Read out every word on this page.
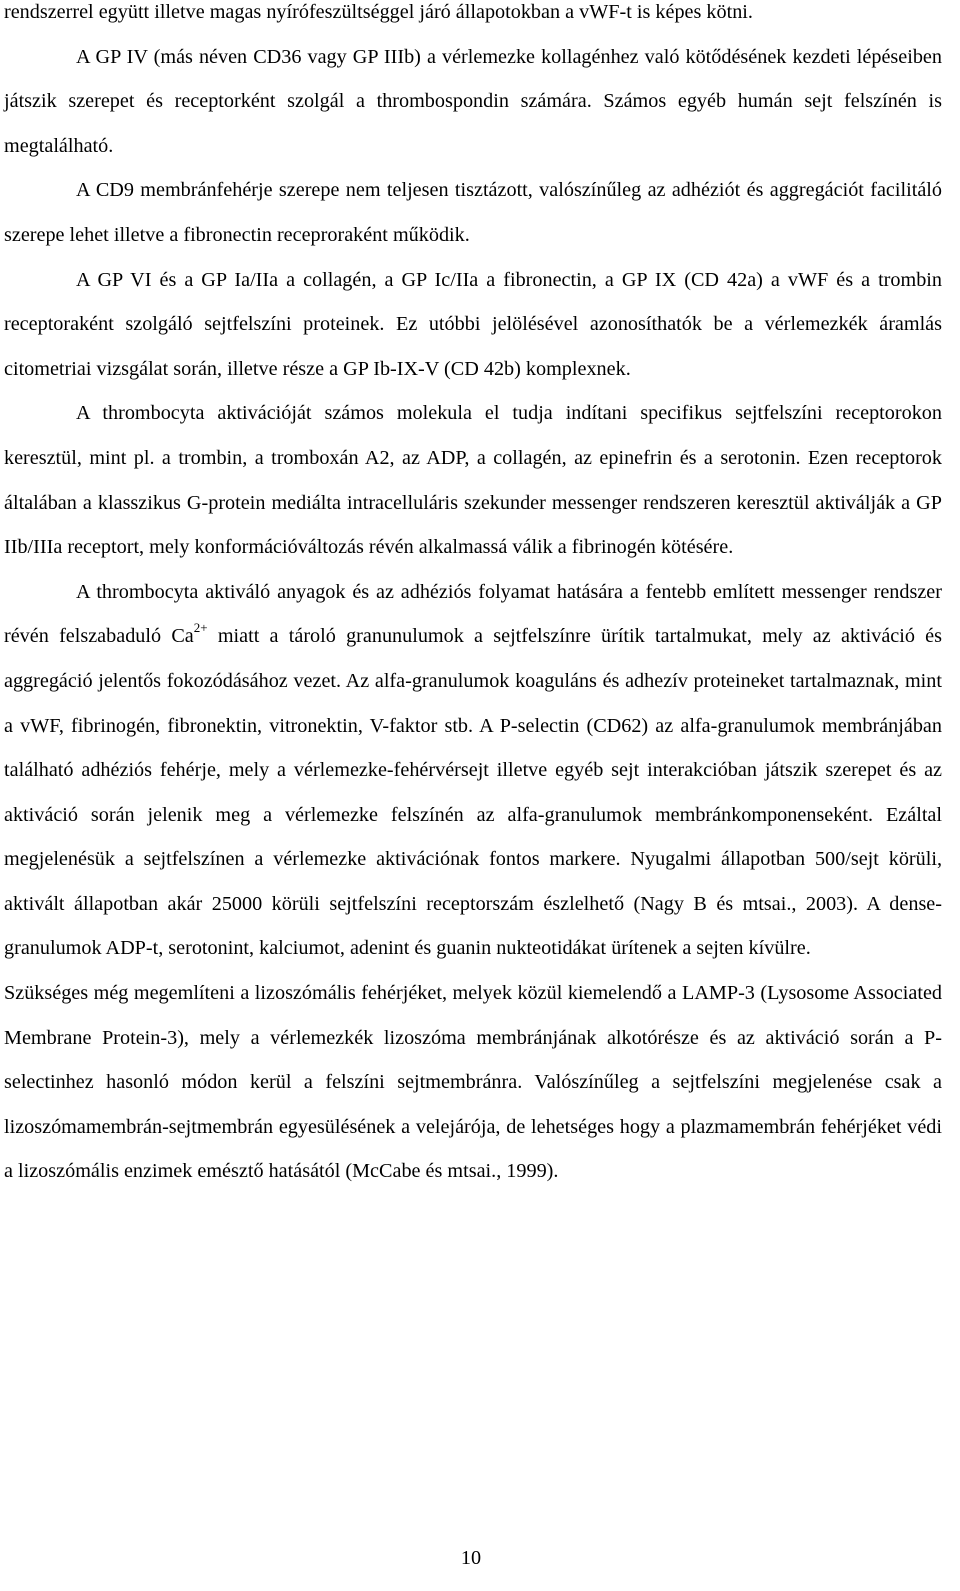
rendszerrel együtt illetve magas nyírófeszültséggel járó állapotokban a vWF-t is képes kötni.

A GP IV (más néven CD36 vagy GP IIIb) a vérlemezke kollagénhez való kötődésének kezdeti lépéseiben játszik szerepet és receptorként szolgál a thrombospondin számára. Számos egyéb humán sejt felszínén is megtalálható.

A CD9 membránfehérje szerepe nem teljesen tisztázott, valószínűleg az adhéziót és aggregációt facilitáló szerepe lehet illetve a fibronectin receproraként működik.

A GP VI és a GP Ia/IIa a collagén, a GP Ic/IIa a fibronectin, a GP IX (CD 42a) a vWF és a trombin receptoraként szolgáló sejtfelszíni proteinek. Ez utóbbi jelölésével azonosíthatók be a vérlemezkék áramlás citometriai vizsgálat során, illetve része a GP Ib-IX-V (CD 42b) komplexnek.

A thrombocyta aktivációját számos molekula el tudja indítani specifikus sejtfelszíni receptorokon keresztül, mint pl. a trombin, a tromboxán A2, az ADP, a collagén, az epinefrin és a serotonin. Ezen receptorok általában a klasszikus G-protein mediálta intracelluláris szekunder messenger rendszeren keresztül aktiválják a GP IIb/IIIa receptort, mely konformációváltozás révén alkalmassá válik a fibrinogén kötésére.

A thrombocyta aktiváló anyagok és az adhéziós folyamat hatására a fentebb említett messenger rendszer révén felszabaduló $Ca^{2+}$ miatt a tároló granunulumok a sejtfelszínre ürítik tartalmukat, mely az aktiváció és aggregáció jelentős fokozódásához vezet. Az alfa-granulumok koaguláns és adhezív proteineket tartalmaznak, mint a vWF, fibrinogén, fibronektin, vitronektin, V-faktor stb. A P-selectin (CD62) az alfa-granulumok membránjában található adhéziós fehérje, mely a vérlemezke-fehérvérsejt illetve egyéb sejt interakcióban játszik szerepet és az aktiváció során jelenik meg a vérlemezke felszínén az alfa-granulumok membránkomponenseként. Ezáltal megjelenésük a sejtfelszínen a vérlemezke aktivációnak fontos markere. Nyugalmi állapotban 500/sejt körüli, aktivált állapotban akár 25000 körüli sejtfelszíni receptorszám észlelhető (Nagy B és mtsai., 2003). A dense-granulumok ADP-t, serotonint, kalciumot, adenint és guanin nukteotidákat ürítenek a sejten kívülre.

Szükséges még megemlíteni a lizoszómális fehérjéket, melyek közül kiemelendő a LAMP-3 (Lysosome Associated Membrane Protein-3), mely a vérlemezkék lizoszóma membránjának alkotórésze és az aktiváció során a P-selectinhez hasonló módon kerül a felszíni sejtmembránra. Valószínűleg a sejtfelszíni megjelenése csak a lizoszómamembrán-sejtmembrán egyesülésének a velejárója, de lehetséges hogy a plazmamembrán fehérjéket védi a lizoszómális enzimek emésztő hatásától (McCabe és mtsai., 1999).

10
